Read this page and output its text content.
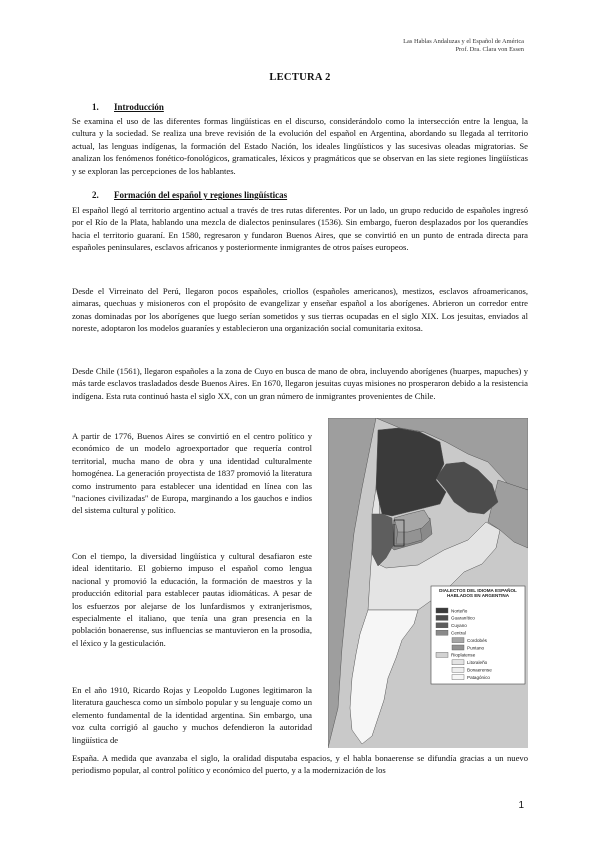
Las Hablas Andaluzas y el Español de América
Prof. Dra. Clara von Essen
LECTURA 2
1. Introducción

Se examina el uso de las diferentes formas lingüísticas en el discurso, considerándolo como la intersección entre la lengua, la cultura y la sociedad. Se realiza una breve revisión de la evolución del español en Argentina, abordando su llegada al territorio actual, las lenguas indígenas, la formación del Estado Nación, los ideales lingüísticos y las sucesivas oleadas migratorias. Se analizan los fenómenos fonético-fonológicos, gramaticales, léxicos y pragmáticos que se observan en las siete regiones lingüísticas y se exploran las percepciones de los hablantes.

2. Formación del español y regiones lingüísticas

El español llegó al territorio argentino actual a través de tres rutas diferentes. Por un lado, un grupo reducido de españoles ingresó por el Río de la Plata, hablando una mezcla de dialectos peninsulares (1536). Sin embargo, fueron desplazados por los querandíes hacia el territorio guaraní. En 1580, regresaron y fundaron Buenos Aires, que se convirtió en un punto de entrada directa para españoles peninsulares, esclavos africanos y posteriormente inmigrantes de otros países europeos.

Desde el Virreinato del Perú, llegaron pocos españoles, criollos (españoles americanos), mestizos, esclavos afroamericanos, aimaras, quechuas y misioneros con el propósito de evangelizar y enseñar español a los aborígenes. Abrieron un corredor entre zonas dominadas por los aborígenes que luego serían sometidos y sus tierras ocupadas en el siglo XIX. Los jesuitas, enviados al noreste, adoptaron los modelos guaraníes y establecieron una organización social comunitaria exitosa.

Desde Chile (1561), llegaron españoles a la zona de Cuyo en busca de mano de obra, incluyendo aborígenes (huarpes, mapuches) y más tarde esclavos trasladados desde Buenos Aires. En 1670, llegaron jesuitas cuyas misiones no prosperaron debido a la resistencia indígena. Esta ruta continuó hasta el siglo XX, con un gran número de inmigrantes provenientes de Chile.

A partir de 1776, Buenos Aires se convirtió en el centro político y económico de un modelo agroexportador que requería control territorial, mucha mano de obra y una identidad culturalmente homogénea. La generación proyectista de 1837 promovió la literatura como instrumento para establecer una identidad en línea con las "naciones civilizadas" de Europa, marginando a los gauchos e indios del sistema cultural y político.

Con el tiempo, la diversidad lingüística y cultural desafiaron este ideal identitario. El gobierno impuso el español como lengua nacional y promovió la educación, la formación de maestros y la producción editorial para establecer pautas idiomáticas. A pesar de los esfuerzos por alejarse de los lunfardismos y extranjerismos, especialmente el italiano, que tenía una gran presencia en la población bonaerense, sus influencias se mantuvieron en la prosodia, el léxico y la gesticulación.

En el año 1910, Ricardo Rojas y Leopoldo Lugones legitimaron la literatura gauchesca como un símbolo popular y su lenguaje como un elemento fundamental de la identidad argentina. Sin embargo, una voz culta corrigió al gaucho y muchos defendieron la autoridad lingüística de

España. A medida que avanzaba el siglo, la oralidad disputaba espacios, y el habla bonaerense se difundía gracias a un nuevo periodismo popular, al control político y económico del puerto, y a la modernización de los

DIALECTOS DEL IDIOMA ESPAÑOL HABLADOS EN ARGENTINA
Norteño
Guaranítico
Cuyano
Central
Cordobés
Puntano
Rioplatense
Litoraleño
Bonaerense
Patagónico
1
